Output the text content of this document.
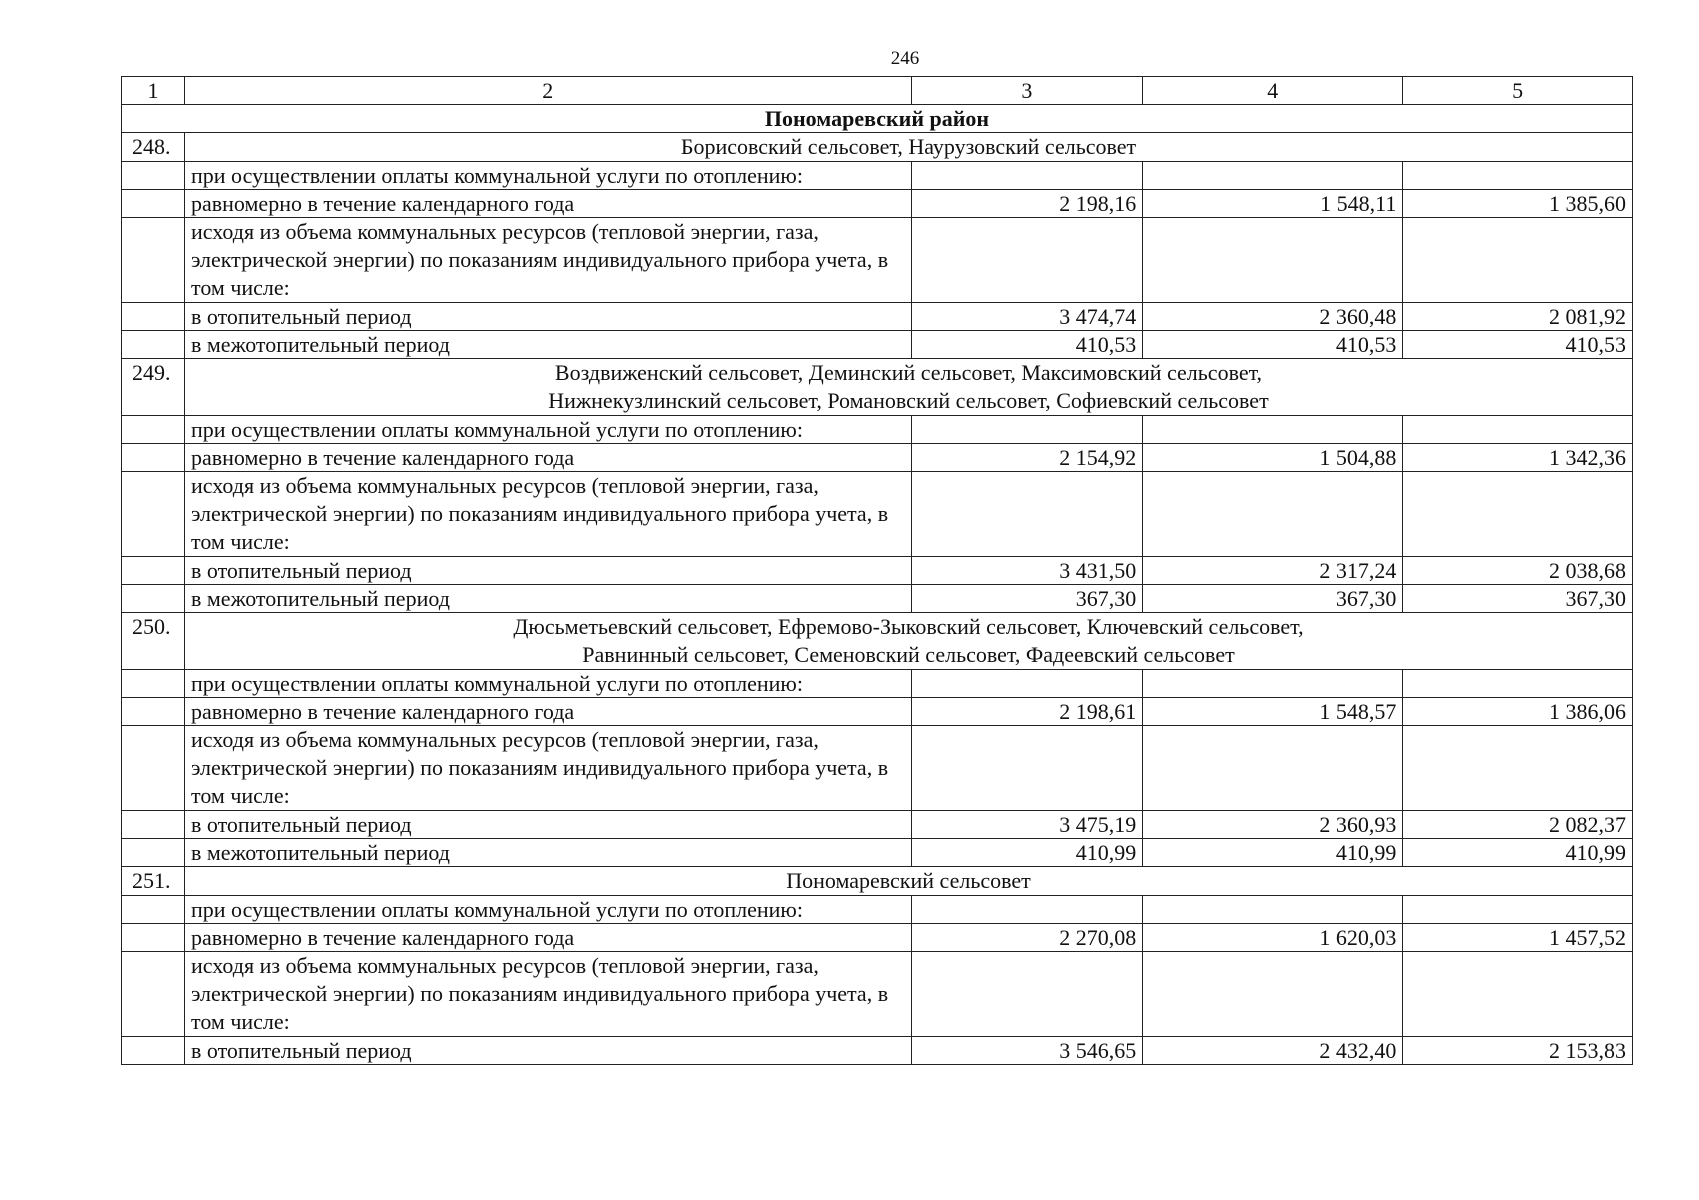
246
1	2	3	4	5
Пономаревский район				
248.	Борисовский сельсовет, Наурузовский сельсовет			
	при осуществлении оплаты коммунальной услуги по отоплению:			
	равномерно в течение календарного года	2 198,16	1 548,11	1 385,60
	исходя из объема коммунальных ресурсов (тепловой энергии, газа, электрической энергии) по показаниям индивидуального прибора учета, в том числе:			
	в отопительный период	3 474,74	2 360,48	2 081,92
	в межотопительный период	410,53	410,53	410,53
249.	Воздвиженский сельсовет, Деминский сельсовет, Максимовский сельсовет,
Нижнекузлинский сельсовет, Романовский сельсовет, Софиевский сельсовет			
	при осуществлении оплаты коммунальной услуги по отоплению:			
	равномерно в течение календарного года	2 154,92	1 504,88	1 342,36
	исходя из объема коммунальных ресурсов (тепловой энергии, газа, электрической энергии) по показаниям индивидуального прибора учета, в том числе:			
	в отопительный период	3 431,50	2 317,24	2 038,68
	в межотопительный период	367,30	367,30	367,30
250.	Дюсьметьевский сельсовет, Ефремово-Зыковский сельсовет, Ключевский сельсовет,
Равнинный сельсовет, Семеновский сельсовет, Фадеевский сельсовет			
	при осуществлении оплаты коммунальной услуги по отоплению:			
	равномерно в течение календарного года	2 198,61	1 548,57	1 386,06
	исходя из объема коммунальных ресурсов (тепловой энергии, газа, электрической энергии) по показаниям индивидуального прибора учета, в том числе:			
	в отопительный период	3 475,19	2 360,93	2 082,37
	в межотопительный период	410,99	410,99	410,99
251.	Пономаревский сельсовет			
	при осуществлении оплаты коммунальной услуги по отоплению:			
	равномерно в течение календарного года	2 270,08	1 620,03	1 457,52
	исходя из объема коммунальных ресурсов (тепловой энергии, газа, электрической энергии) по показаниям индивидуального прибора учета, в том числе:			
	в отопительный период	3 546,65	2 432,40	2 153,83
